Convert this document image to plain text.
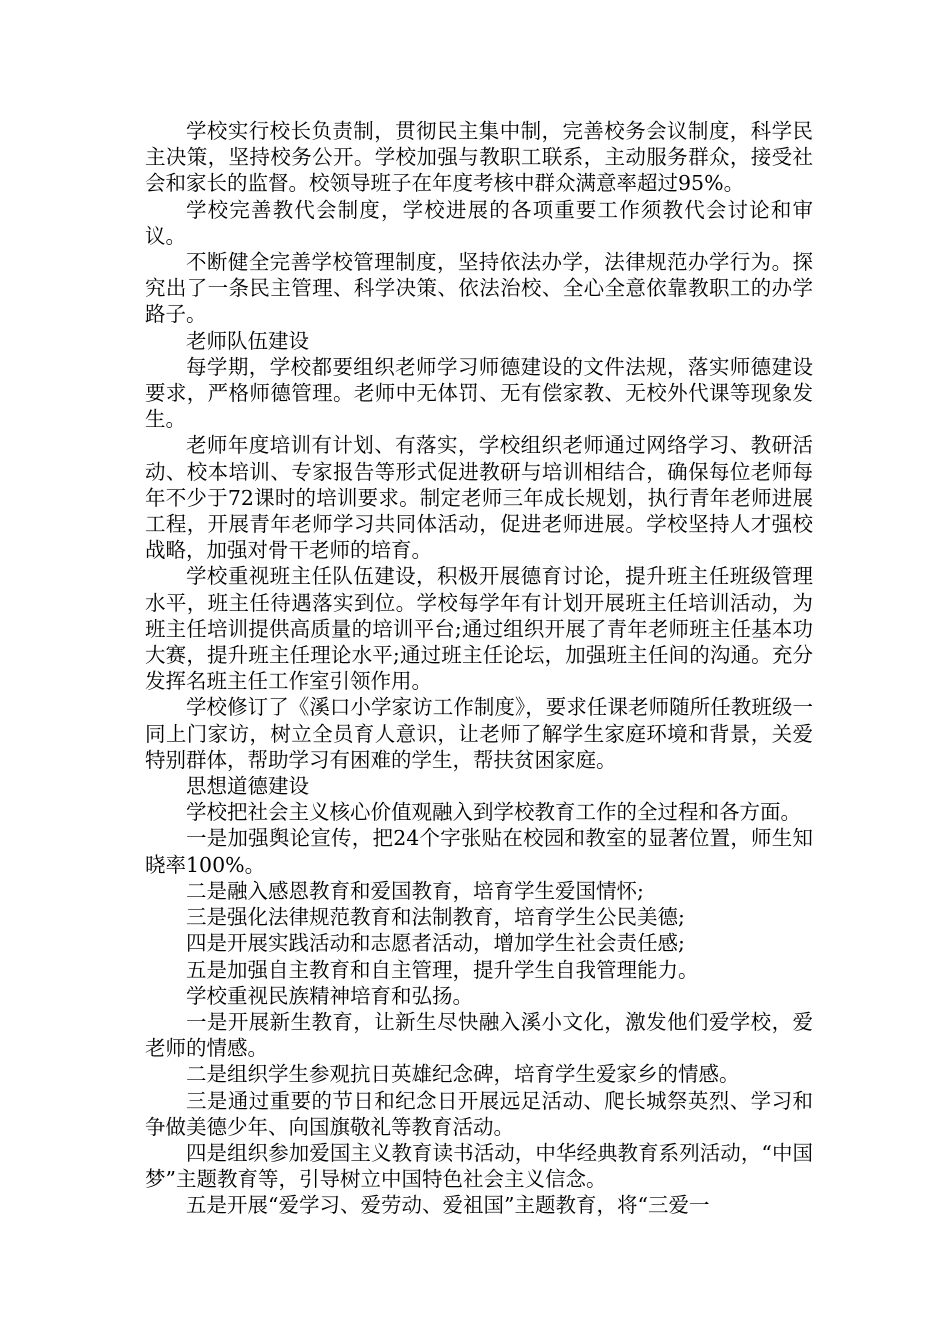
学校实行校长负责制，贯彻民主集中制，完善校务会议制度，科学民主决策，坚持校务公开。学校加强与教职工联系，主动服务群众，接受社会和家长的监督。校领导班子在年度考核中群众满意率超过95%。

学校完善教代会制度，学校进展的各项重要工作须教代会讨论和审议。

不断健全完善学校管理制度，坚持依法办学，法律规范办学行为。探究出了一条民主管理、科学决策、依法治校、全心全意依靠教职工的办学路子。

老师队伍建设

每学期，学校都要组织老师学习师德建设的文件法规，落实师德建设要求，严格师德管理。老师中无体罚、无有偿家教、无校外代课等现象发生。

老师年度培训有计划、有落实，学校组织老师通过网络学习、教研活动、校本培训、专家报告等形式促进教研与培训相结合，确保每位老师每年不少于72课时的培训要求。制定老师三年成长规划，执行青年老师进展工程，开展青年老师学习共同体活动，促进老师进展。学校坚持人才强校战略，加强对骨干老师的培育。

学校重视班主任队伍建设，积极开展德育讨论，提升班主任班级管理水平，班主任待遇落实到位。学校每学年有计划开展班主任培训活动，为班主任培训提供高质量的培训平台;通过组织开展了青年老师班主任基本功大赛，提升班主任理论水平;通过班主任论坛，加强班主任间的沟通。充分发挥名班主任工作室引领作用。

学校修订了《溪口小学家访工作制度》，要求任课老师随所任教班级一同上门家访，树立全员育人意识，让老师了解学生家庭环境和背景，关爱特别群体，帮助学习有困难的学生，帮扶贫困家庭。

思想道德建设

学校把社会主义核心价值观融入到学校教育工作的全过程和各方面。

一是加强舆论宣传，把24个字张贴在校园和教室的显著位置，师生知晓率100%。

二是融入感恩教育和爱国教育，培育学生爱国情怀;

三是强化法律规范教育和法制教育，培育学生公民美德;

四是开展实践活动和志愿者活动，增加学生社会责任感;

五是加强自主教育和自主管理，提升学生自我管理能力。

学校重视民族精神培育和弘扬。

一是开展新生教育，让新生尽快融入溪小文化，激发他们爱学校，爱老师的情感。

二是组织学生参观抗日英雄纪念碑，培育学生爱家乡的情感。

三是通过重要的节日和纪念日开展远足活动、爬长城祭英烈、学习和争做美德少年、向国旗敬礼等教育活动。

四是组织参加爱国主义教育读书活动，中华经典教育系列活动，“中国梦”主题教育等，引导树立中国特色社会主义信念。

五是开展“爱学习、爱劳动、爱祖国”主题教育，将“三爱一
